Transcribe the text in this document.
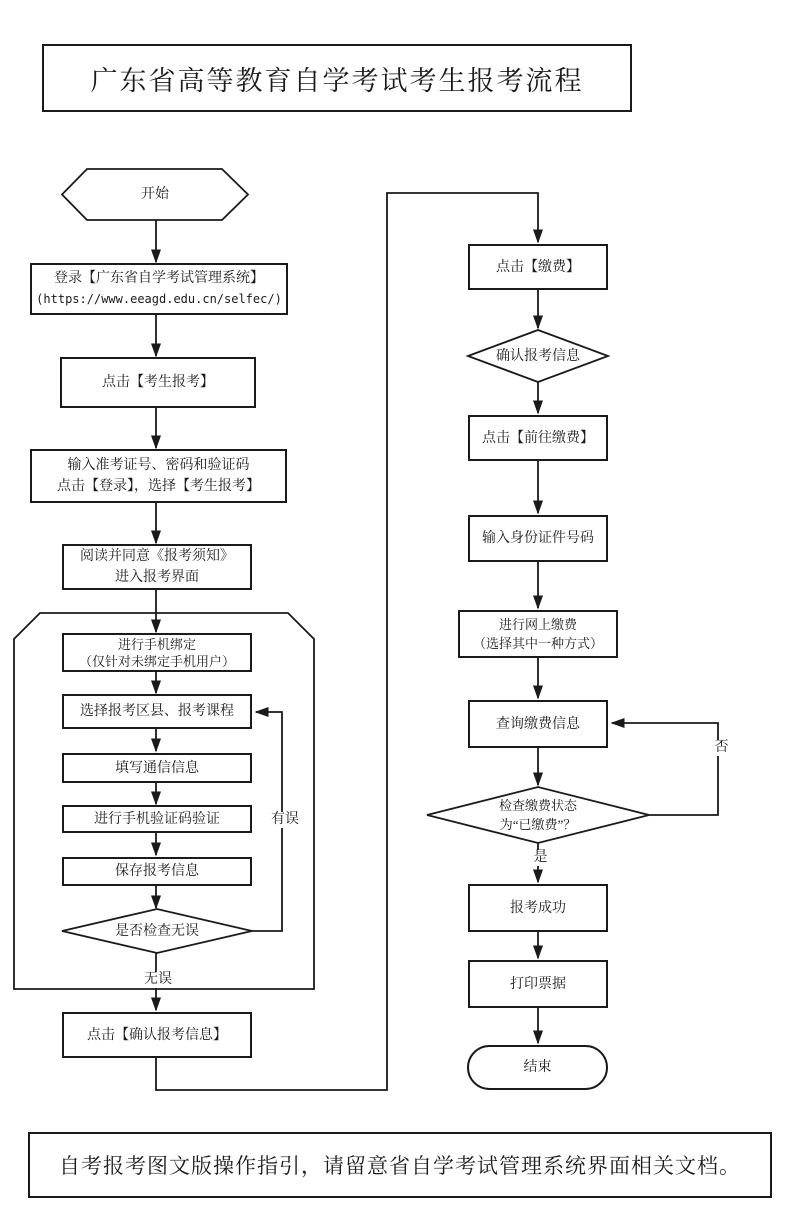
广东省高等教育自学考试考生报考流程
开始
登录【广东省自学考试管理系统】
(https://www.eeagd.edu.cn/selfec/)
点击【考生报考】
输入准考证号、密码和验证码
点击【登录】，选择【考生报考】
阅读并同意《报考须知》
进入报考界面
进行手机绑定
（仅针对未绑定手机用户）
选择报考区县、报考课程
填写通信信息
进行手机验证码验证
保存报考信息
是否检查无误
点击【确认报考信息】
有误
无误
否
是
点击【缴费】
确认报考信息
点击【前往缴费】
输入身份证件号码
进行网上缴费
（选择其中一种方式）
查询缴费信息
检查缴费状态
为“已缴费”？
报考成功
打印票据
结束
自考报考图文版操作指引，请留意省自学考试管理系统界面相关文档。
